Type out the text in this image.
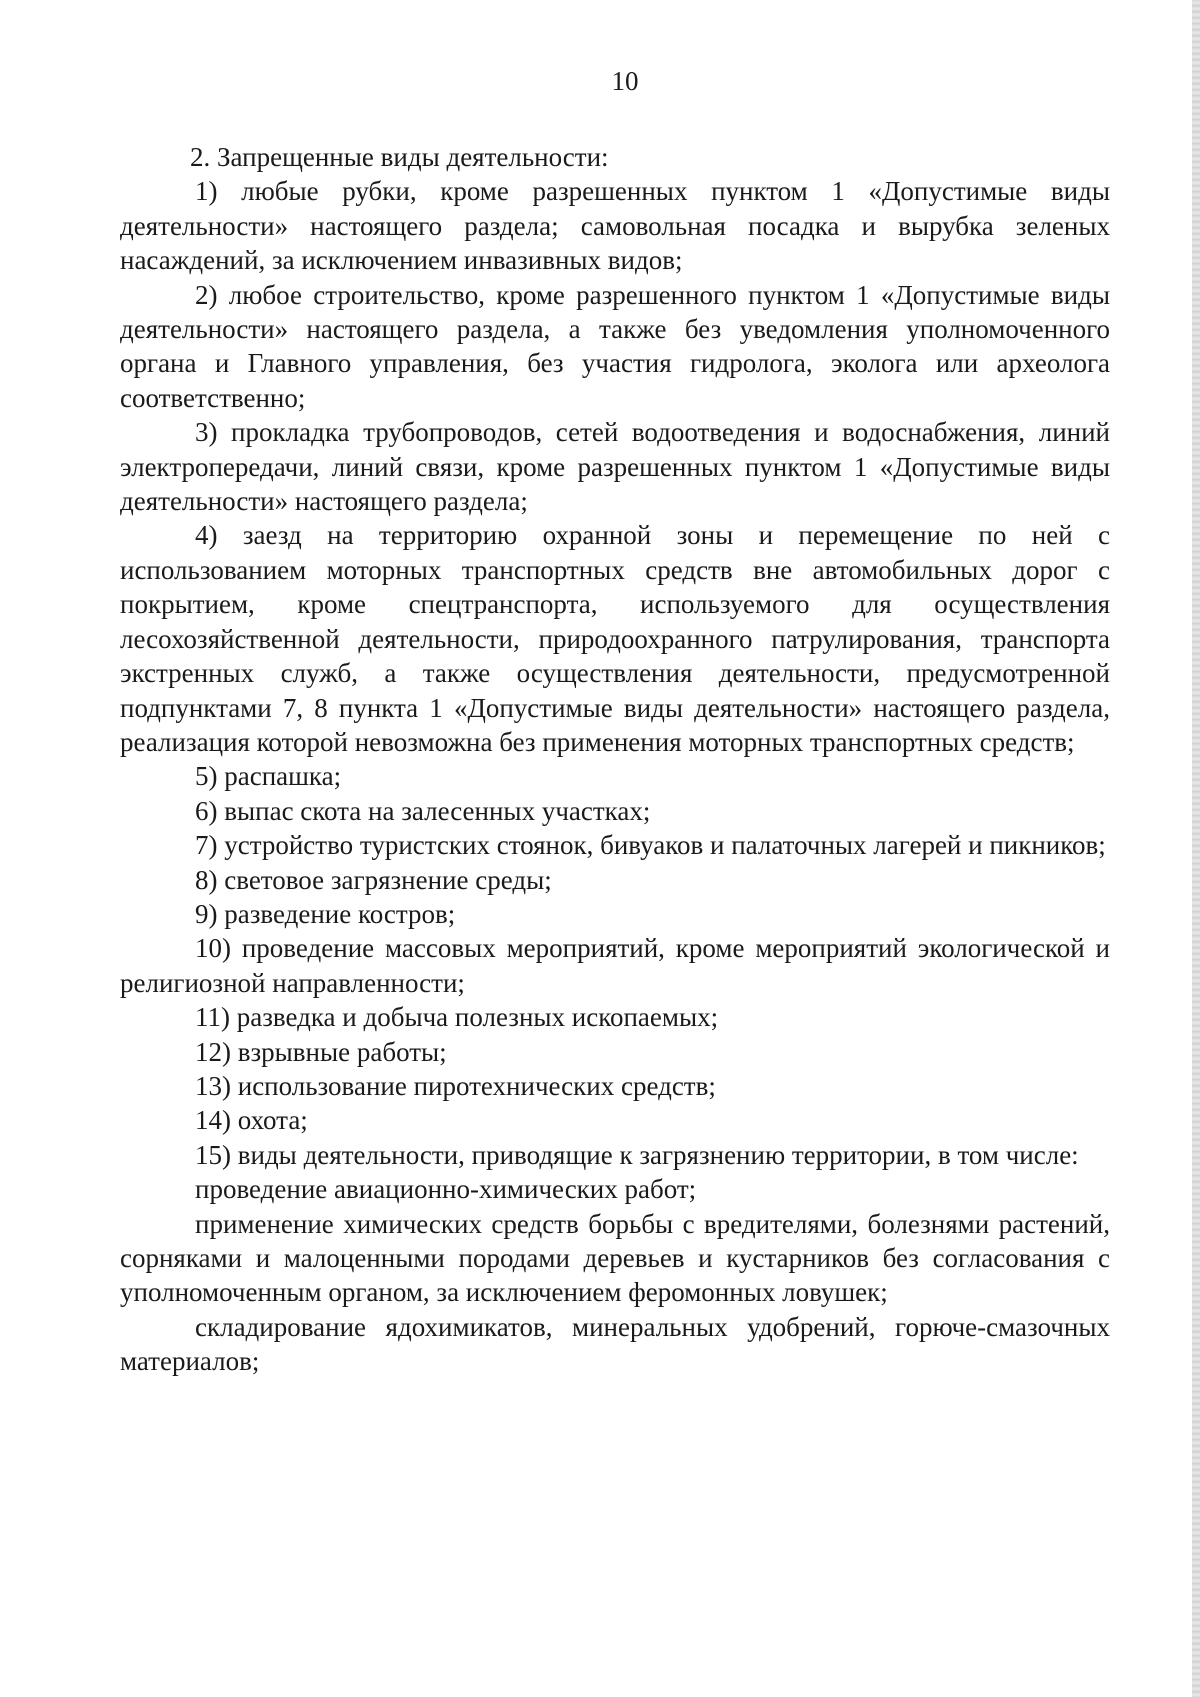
10

2. Запрещенные виды деятельности:

1) любые рубки, кроме разрешенных пунктом 1 «Допустимые виды деятельности» настоящего раздела; самовольная посадка и вырубка зеленых насаждений, за исключением инвазивных видов;

2) любое строительство, кроме разрешенного пунктом 1 «Допустимые виды деятельности» настоящего раздела, а также без уведомления уполномоченного органа и Главного управления, без участия гидролога, эколога или археолога соответственно;

3) прокладка трубопроводов, сетей водоотведения и водоснабжения, линий электропередачи, линий связи, кроме разрешенных пунктом 1 «Допустимые виды деятельности» настоящего раздела;

4) заезд на территорию охранной зоны и перемещение по ней с использованием моторных транспортных средств вне автомобильных дорог с покрытием, кроме спецтранспорта, используемого для осуществления лесохозяйственной деятельности, природоохранного патрулирования, транспорта экстренных служб, а также осуществления деятельности, предусмотренной подпунктами 7, 8 пункта 1 «Допустимые виды деятельности» настоящего раздела, реализация которой невозможна без применения моторных транспортных средств;

5) распашка;

6) выпас скота на залесенных участках;

7) устройство туристских стоянок, бивуаков и палаточных лагерей и пикников;

8) световое загрязнение среды;

9) разведение костров;

10) проведение массовых мероприятий, кроме мероприятий экологической и религиозной направленности;

11) разведка и добыча полезных ископаемых;

12) взрывные работы;

13) использование пиротехнических средств;

14) охота;

15) виды деятельности, приводящие к загрязнению территории, в том числе:

проведение авиационно-химических работ;

применение химических средств борьбы с вредителями, болезнями растений, сорняками и малоценными породами деревьев и кустарников без согласования с уполномоченным органом, за исключением феромонных ловушек;

складирование ядохимикатов, минеральных удобрений, горюче-смазочных материалов;
